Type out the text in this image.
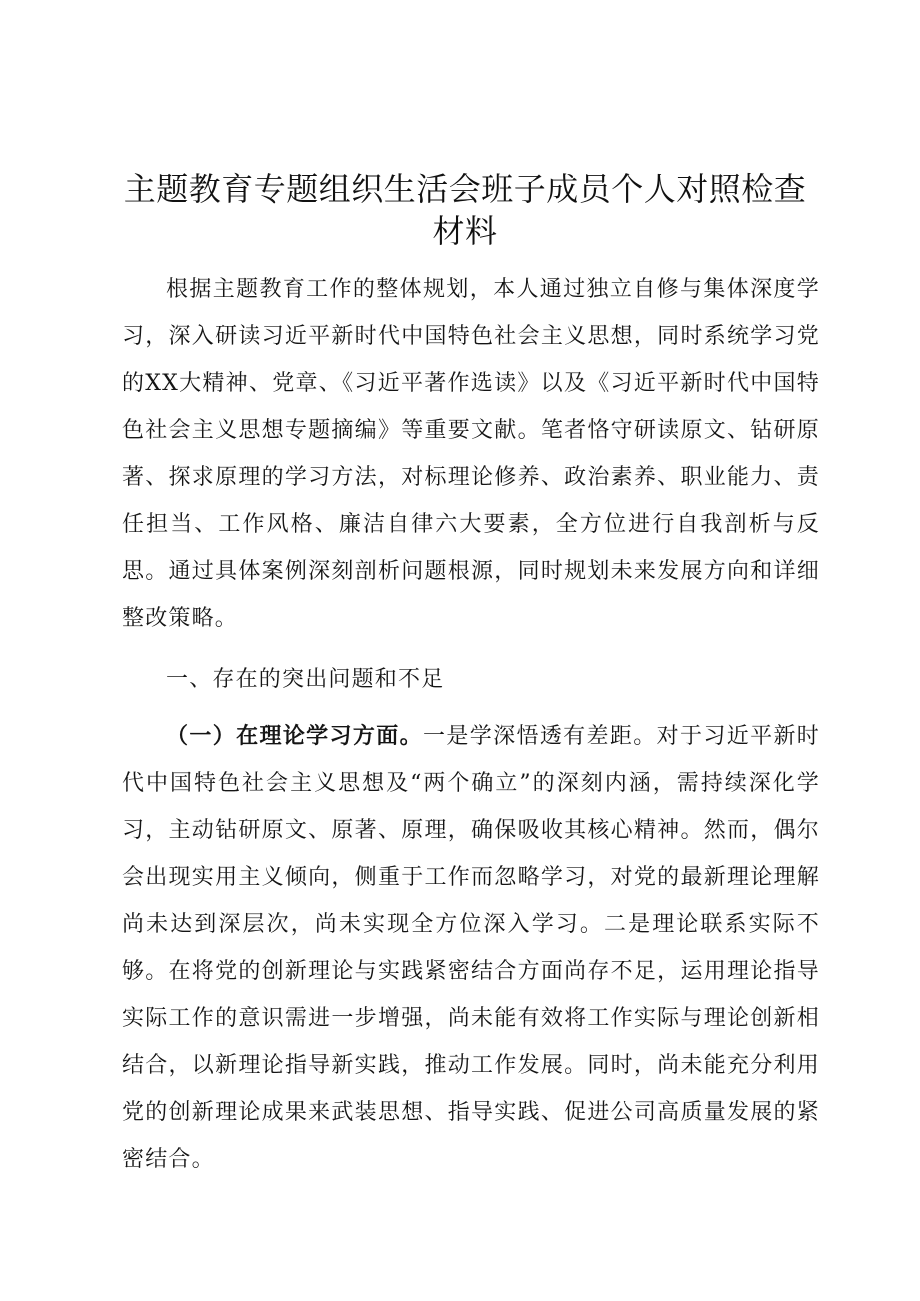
主题教育专题组织生活会班子成员个人对照检查材料

根据主题教育工作的整体规划，本人通过独立自修与集体深度学习，深入研读习近平新时代中国特色社会主义思想，同时系统学习党的XX大精神、党章、《习近平著作选读》以及《习近平新时代中国特色社会主义思想专题摘编》等重要文献。笔者恪守研读原文、钻研原著、探求原理的学习方法，对标理论修养、政治素养、职业能力、责任担当、工作风格、廉洁自律六大要素，全方位进行自我剖析与反思。通过具体案例深刻剖析问题根源，同时规划未来发展方向和详细整改策略。

一、存在的突出问题和不足

（一）在理论学习方面。一是学深悟透有差距。对于习近平新时代中国特色社会主义思想及“两个确立”的深刻内涵，需持续深化学习，主动钻研原文、原著、原理，确保吸收其核心精神。然而，偶尔会出现实用主义倾向，侧重于工作而忽略学习，对党的最新理论理解尚未达到深层次，尚未实现全方位深入学习。二是理论联系实际不够。在将党的创新理论与实践紧密结合方面尚存不足，运用理论指导实际工作的意识需进一步增强，尚未能有效将工作实际与理论创新相结合，以新理论指导新实践，推动工作发展。同时，尚未能充分利用党的创新理论成果来武装思想、指导实践、促进公司高质量发展的紧密结合。
